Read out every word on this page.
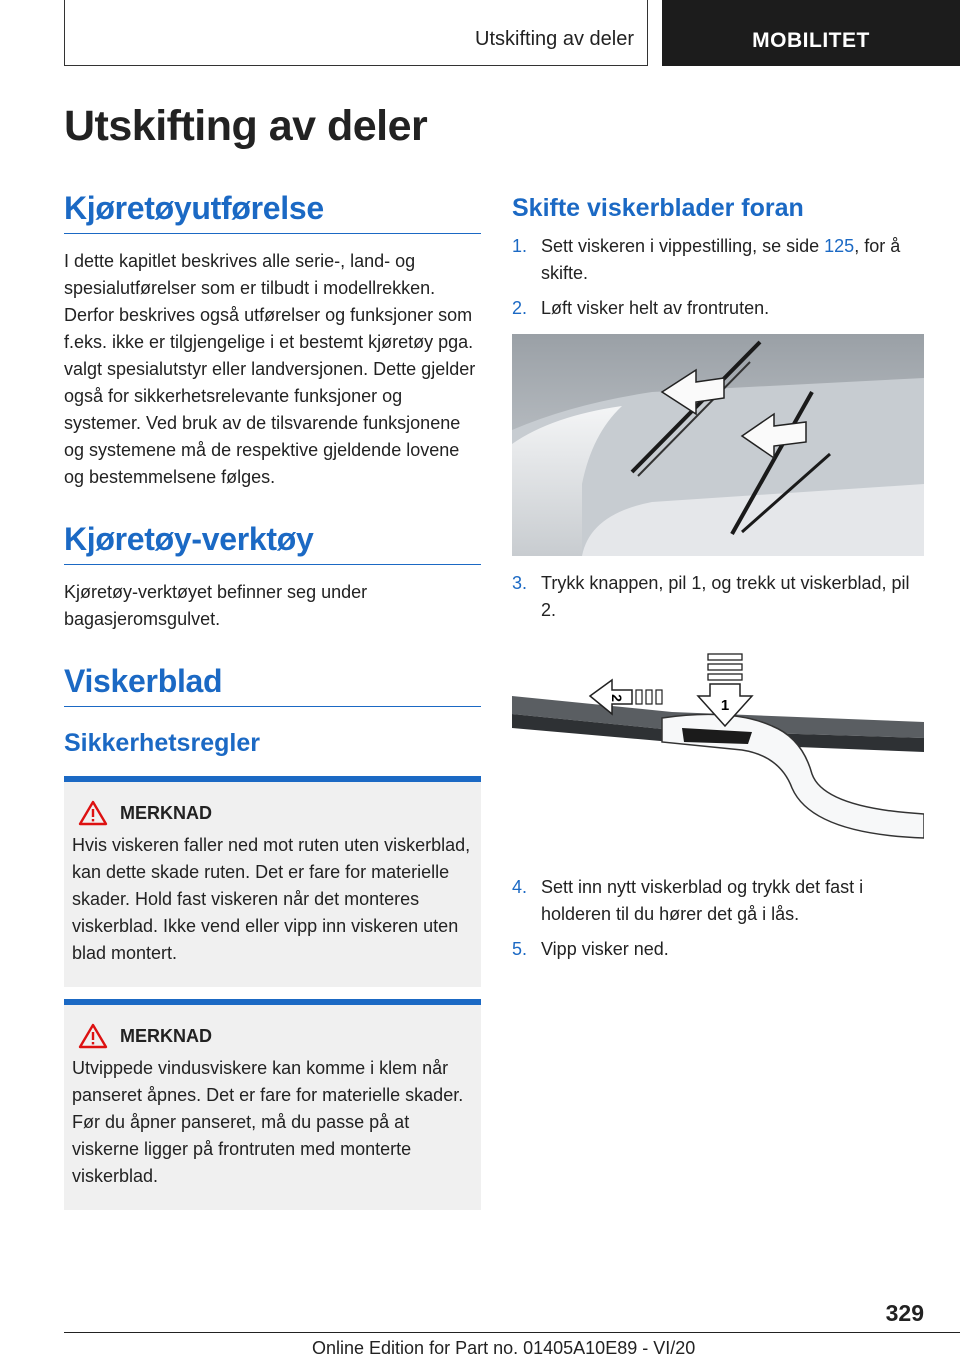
Utskifting av deler	MOBILITET
Utskifting av deler
Kjøretøyutførelse

I dette kapitlet beskrives alle serie-, land- og spesialutførelser som er tilbudt i modellrekken. Derfor beskrives også utførelser og funksjoner som f.eks. ikke er tilgjengelige i et bestemt kjøretøy pga. valgt spesialutstyr eller landversjonen. Dette gjelder også for sikkerhetsrelevante funksjoner og systemer. Ved bruk av de tilsvarende funksjonene og systemene må de respektive gjeldende lovene og bestemmelsene følges.

Kjøretøy-verktøy

Kjøretøy-verktøyet befinner seg under bagasjeromsgulvet.

Viskerblad
Sikkerhetsregler
MERKNAD

Hvis viskeren faller ned mot ruten uten viskerblad, kan dette skade ruten. Det er fare for materielle skader. Hold fast viskeren når det monteres viskerblad. Ikke vend eller vipp inn viskeren uten blad montert.

MERKNAD

Utvippede vindusviskere kan komme i klem når panseret åpnes. Det er fare for materielle skader. Før du åpner panseret, må du passe på at viskerne ligger på frontruten med monterte viskerblad.

Skifte viskerblader foran
1. Sett viskeren i vippestilling, se side 125, for å skifte.
2. Løft visker helt av frontruten.
3. Trykk knappen, pil 1, og trekk ut viskerblad, pil 2.
1
2
4. Sett inn nytt viskerblad og trykk det fast i holderen til du hører det gå i lås.
5. Vipp visker ned.
329
Online Edition for Part no. 01405A10E89 - VI/20
